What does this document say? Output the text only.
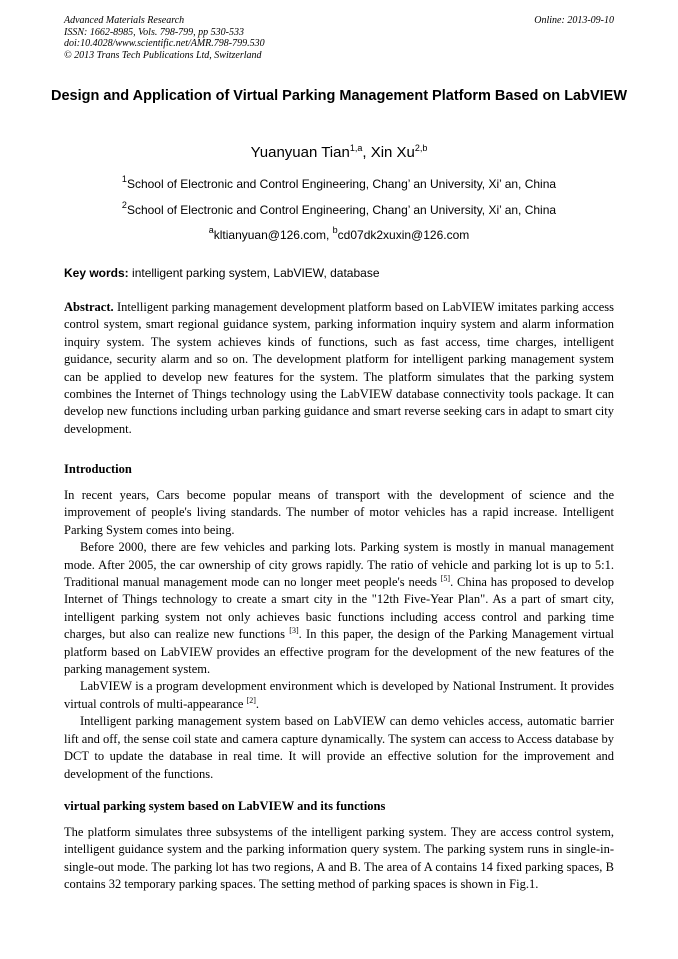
Advanced Materials Research
ISSN: 1662-8985, Vols. 798-799, pp 530-533
doi:10.4028/www.scientific.net/AMR.798-799.530
© 2013 Trans Tech Publications Ltd, Switzerland
Online: 2013-09-10
Design and Application of Virtual Parking Management Platform Based on LabVIEW
Yuanyuan Tian$^{1,a}$, Xin Xu$^{2,b}$
$^1$School of Electronic and Control Engineering, Chang’ an University, Xi’ an, China
$^2$School of Electronic and Control Engineering, Chang’ an University, Xi’ an, China
$^a$kltianyuan@126.com, $^b$cd07dk2xuxin@126.com
Key words: intelligent parking system, LabVIEW, database

Abstract. Intelligent parking management development platform based on LabVIEW imitates parking access control system, smart regional guidance system, parking information inquiry system and alarm information inquiry system. The system achieves kinds of functions, such as fast access, time charges, intelligent guidance, security alarm and so on. The development platform for intelligent parking management system can be applied to develop new features for the system. The platform simulates that the parking system combines the Internet of Things technology using the LabVIEW database connectivity tools package. It can develop new functions including urban parking guidance and smart reverse seeking cars in adapt to smart city development.

Introduction

In recent years, Cars become popular means of transport with the development of science and the improvement of people's living standards. The number of motor vehicles has a rapid increase. Intelligent Parking System comes into being.

Before 2000, there are few vehicles and parking lots. Parking system is mostly in manual management mode. After 2005, the car ownership of city grows rapidly. The ratio of vehicle and parking lot is up to 5:1. Traditional manual management mode can no longer meet people's needs [5]. China has proposed to develop Internet of Things technology to create a smart city in the "12th Five-Year Plan". As a part of smart city, intelligent parking system not only achieves basic functions including access control and parking time charges, but also can realize new functions [3]. In this paper, the design of the Parking Management virtual platform based on LabVIEW provides an effective program for the development of the new features of the parking management system.

LabVIEW is a program development environment which is developed by National Instrument. It provides virtual controls of multi-appearance [2].

Intelligent parking management system based on LabVIEW can demo vehicles access, automatic barrier lift and off, the sense coil state and camera capture dynamically. The system can access to Access database by DCT to update the database in real time. It will provide an effective solution for the improvement and development of the functions.

virtual parking system based on LabVIEW and its functions

The platform simulates three subsystems of the intelligent parking system. They are access control system, intelligent guidance system and the parking information query system. The parking system runs in single-in-single-out mode. The parking lot has two regions, A and B. The area of A contains 14 fixed parking spaces, B contains 32 temporary parking spaces. The setting method of parking spaces is shown in Fig.1.
